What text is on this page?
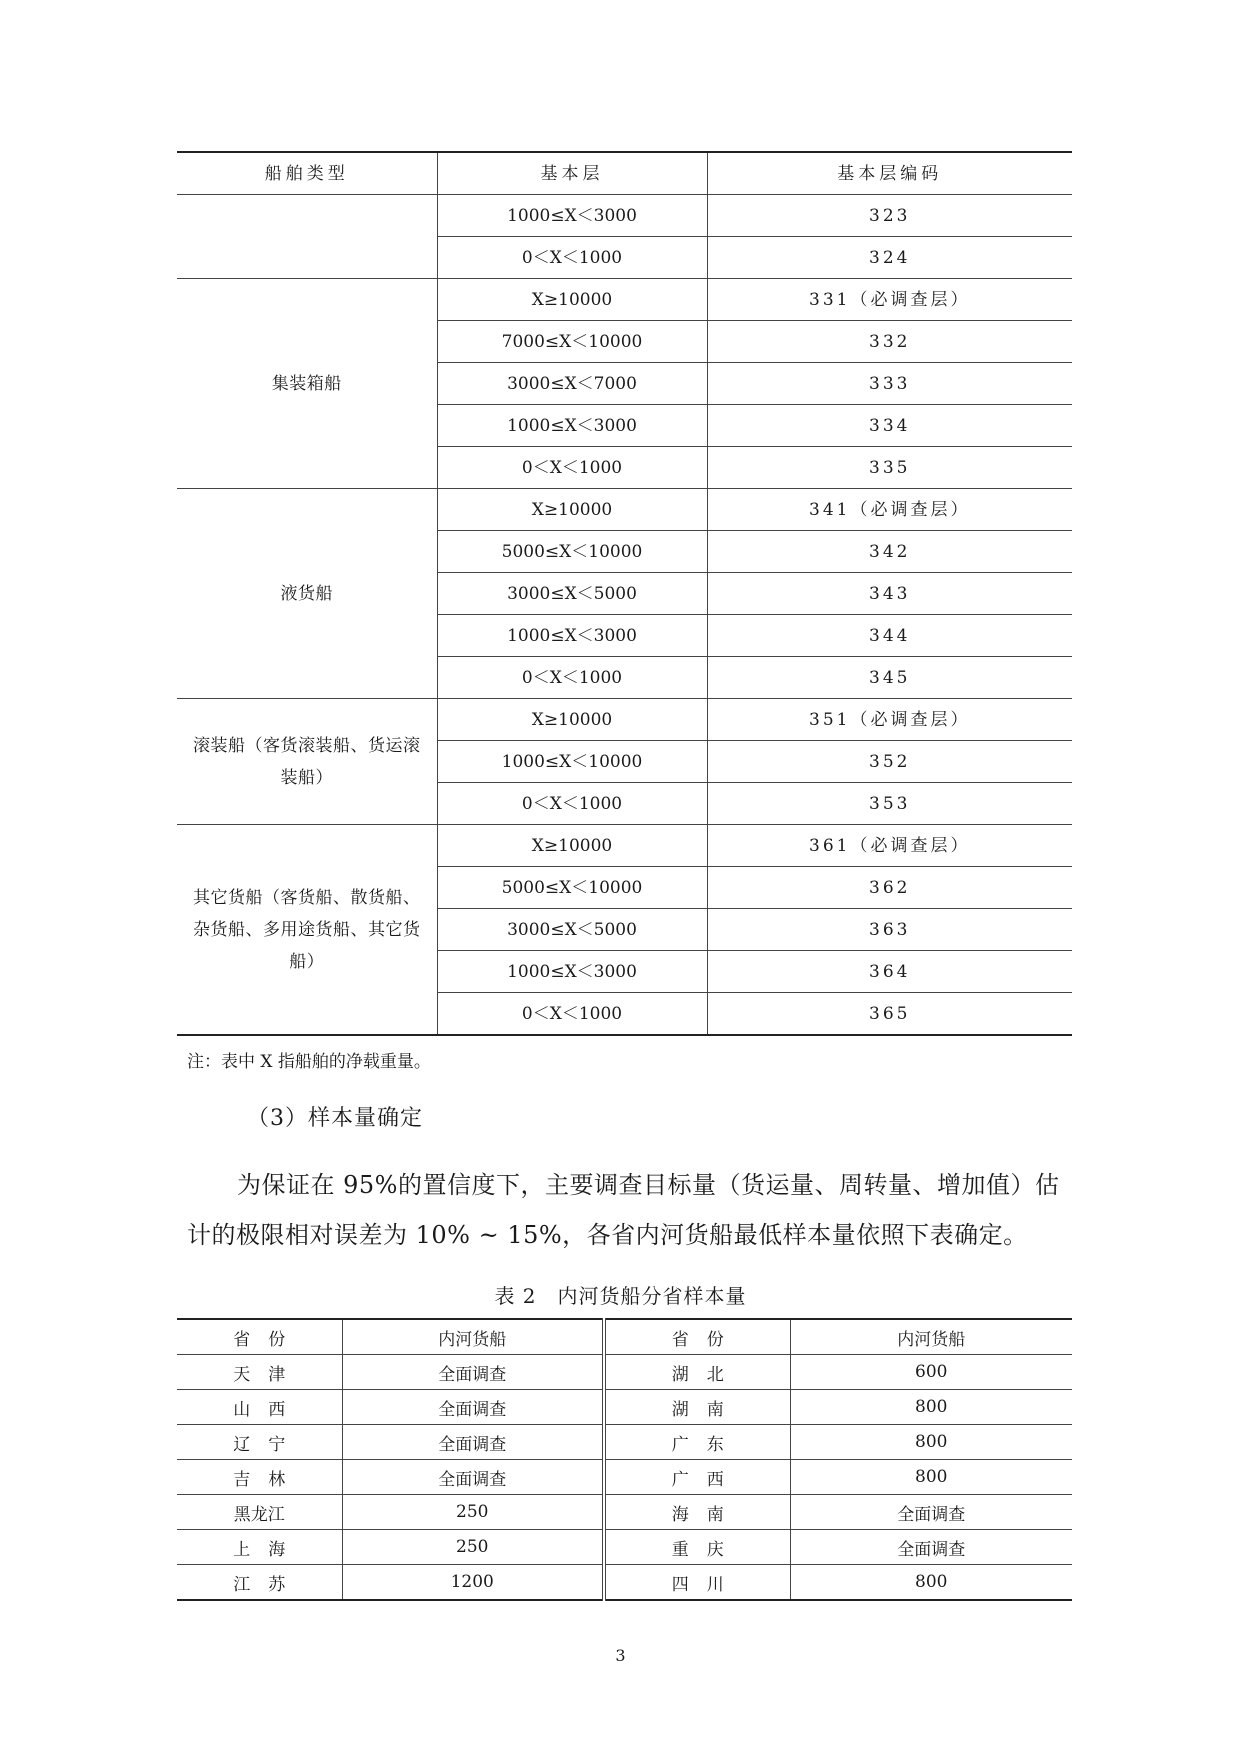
船舶类型	基本层	基本层编码
	1000≤X＜3000	323
	0＜X＜1000	324
集装箱船	X≥10000	331（必调查层）
	7000≤X＜10000	332
	3000≤X＜7000	333
	1000≤X＜3000	334
	0＜X＜1000	335
液货船	X≥10000	341（必调查层）
	5000≤X＜10000	342
	3000≤X＜5000	343
	1000≤X＜3000	344
	0＜X＜1000	345
滚装船（客货滚装船、货运滚装船）	X≥10000	351（必调查层）
	1000≤X＜10000	352
	0＜X＜1000	353
其它货船（客货船、散货船、杂货船、多用途货船、其它货船）	X≥10000	361（必调查层）
	5000≤X＜10000	362
	3000≤X＜5000	363
	1000≤X＜3000	364
	0＜X＜1000	365
注：表中 X 指船舶的净载重量。
（3）样本量确定

为保证在 95%的置信度下，主要调查目标量（货运量、周转量、增加值）估计的极限相对误差为 10% ~ 15%，各省内河货船最低样本量依照下表确定。

表 2　内河货船分省样本量
省份	内河货船	省份	内河货船
天津	全面调查	湖北	600
山西	全面调查	湖南	800
辽宁	全面调查	广东	800
吉林	全面调查	广西	800
黑龙江	250	海南	全面调查
上海	250	重庆	全面调查
江苏	1200	四川	800
3
